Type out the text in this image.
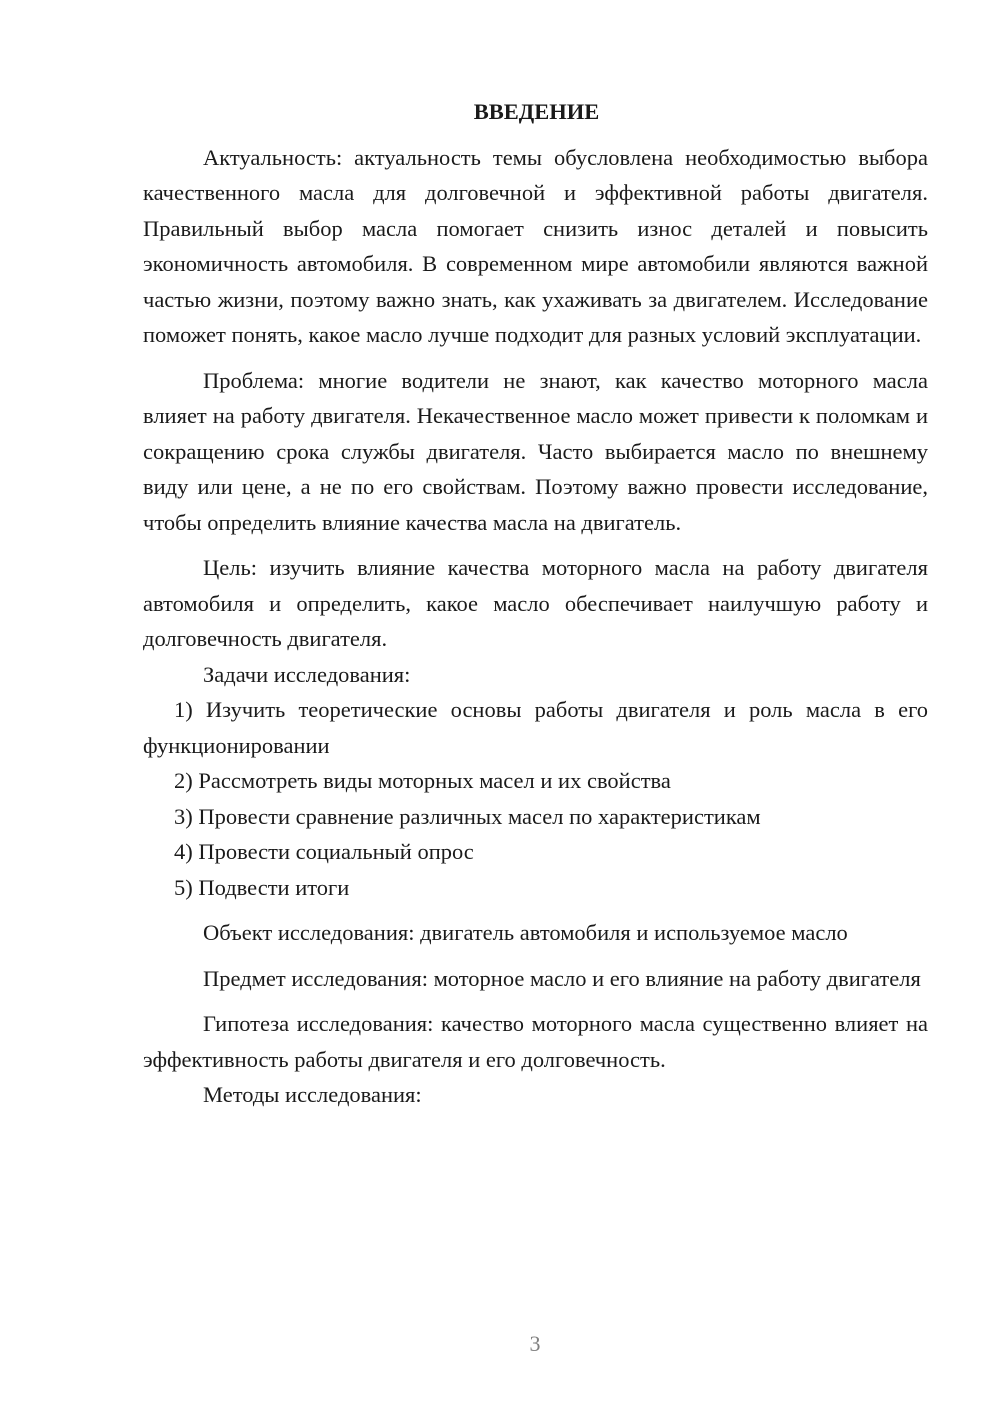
ВВЕДЕНИЕ

Актуальность: актуальность темы обусловлена необходимостью выбора качественного масла для долговечной и эффективной работы двигателя. Правильный выбор масла помогает снизить износ деталей и повысить экономичность автомобиля. В современном мире автомобили являются важной частью жизни, поэтому важно знать, как ухаживать за двигателем. Исследование поможет понять, какое масло лучше подходит для разных условий эксплуатации.

Проблема: многие водители не знают, как качество моторного масла влияет на работу двигателя. Некачественное масло может привести к поломкам и сокращению срока службы двигателя. Часто выбирается масло по внешнему виду или цене, а не по его свойствам. Поэтому важно провести исследование, чтобы определить влияние качества масла на двигатель.

Цель: изучить влияние качества моторного масла на работу двигателя автомобиля и определить, какое масло обеспечивает наилучшую работу и долговечность двигателя.

Задачи исследования:

1) Изучить теоретические основы работы двигателя и роль масла в его функционировании

2) Рассмотреть виды моторных масел и их свойства

3) Провести сравнение различных масел по характеристикам

4) Провести социальный опрос

5) Подвести итоги

Объект исследования: двигатель автомобиля и используемое масло

Предмет исследования: моторное масло и его влияние на работу двигателя

Гипотеза исследования: качество моторного масла существенно влияет на эффективность работы двигателя и его долговечность.

Методы исследования:

3
